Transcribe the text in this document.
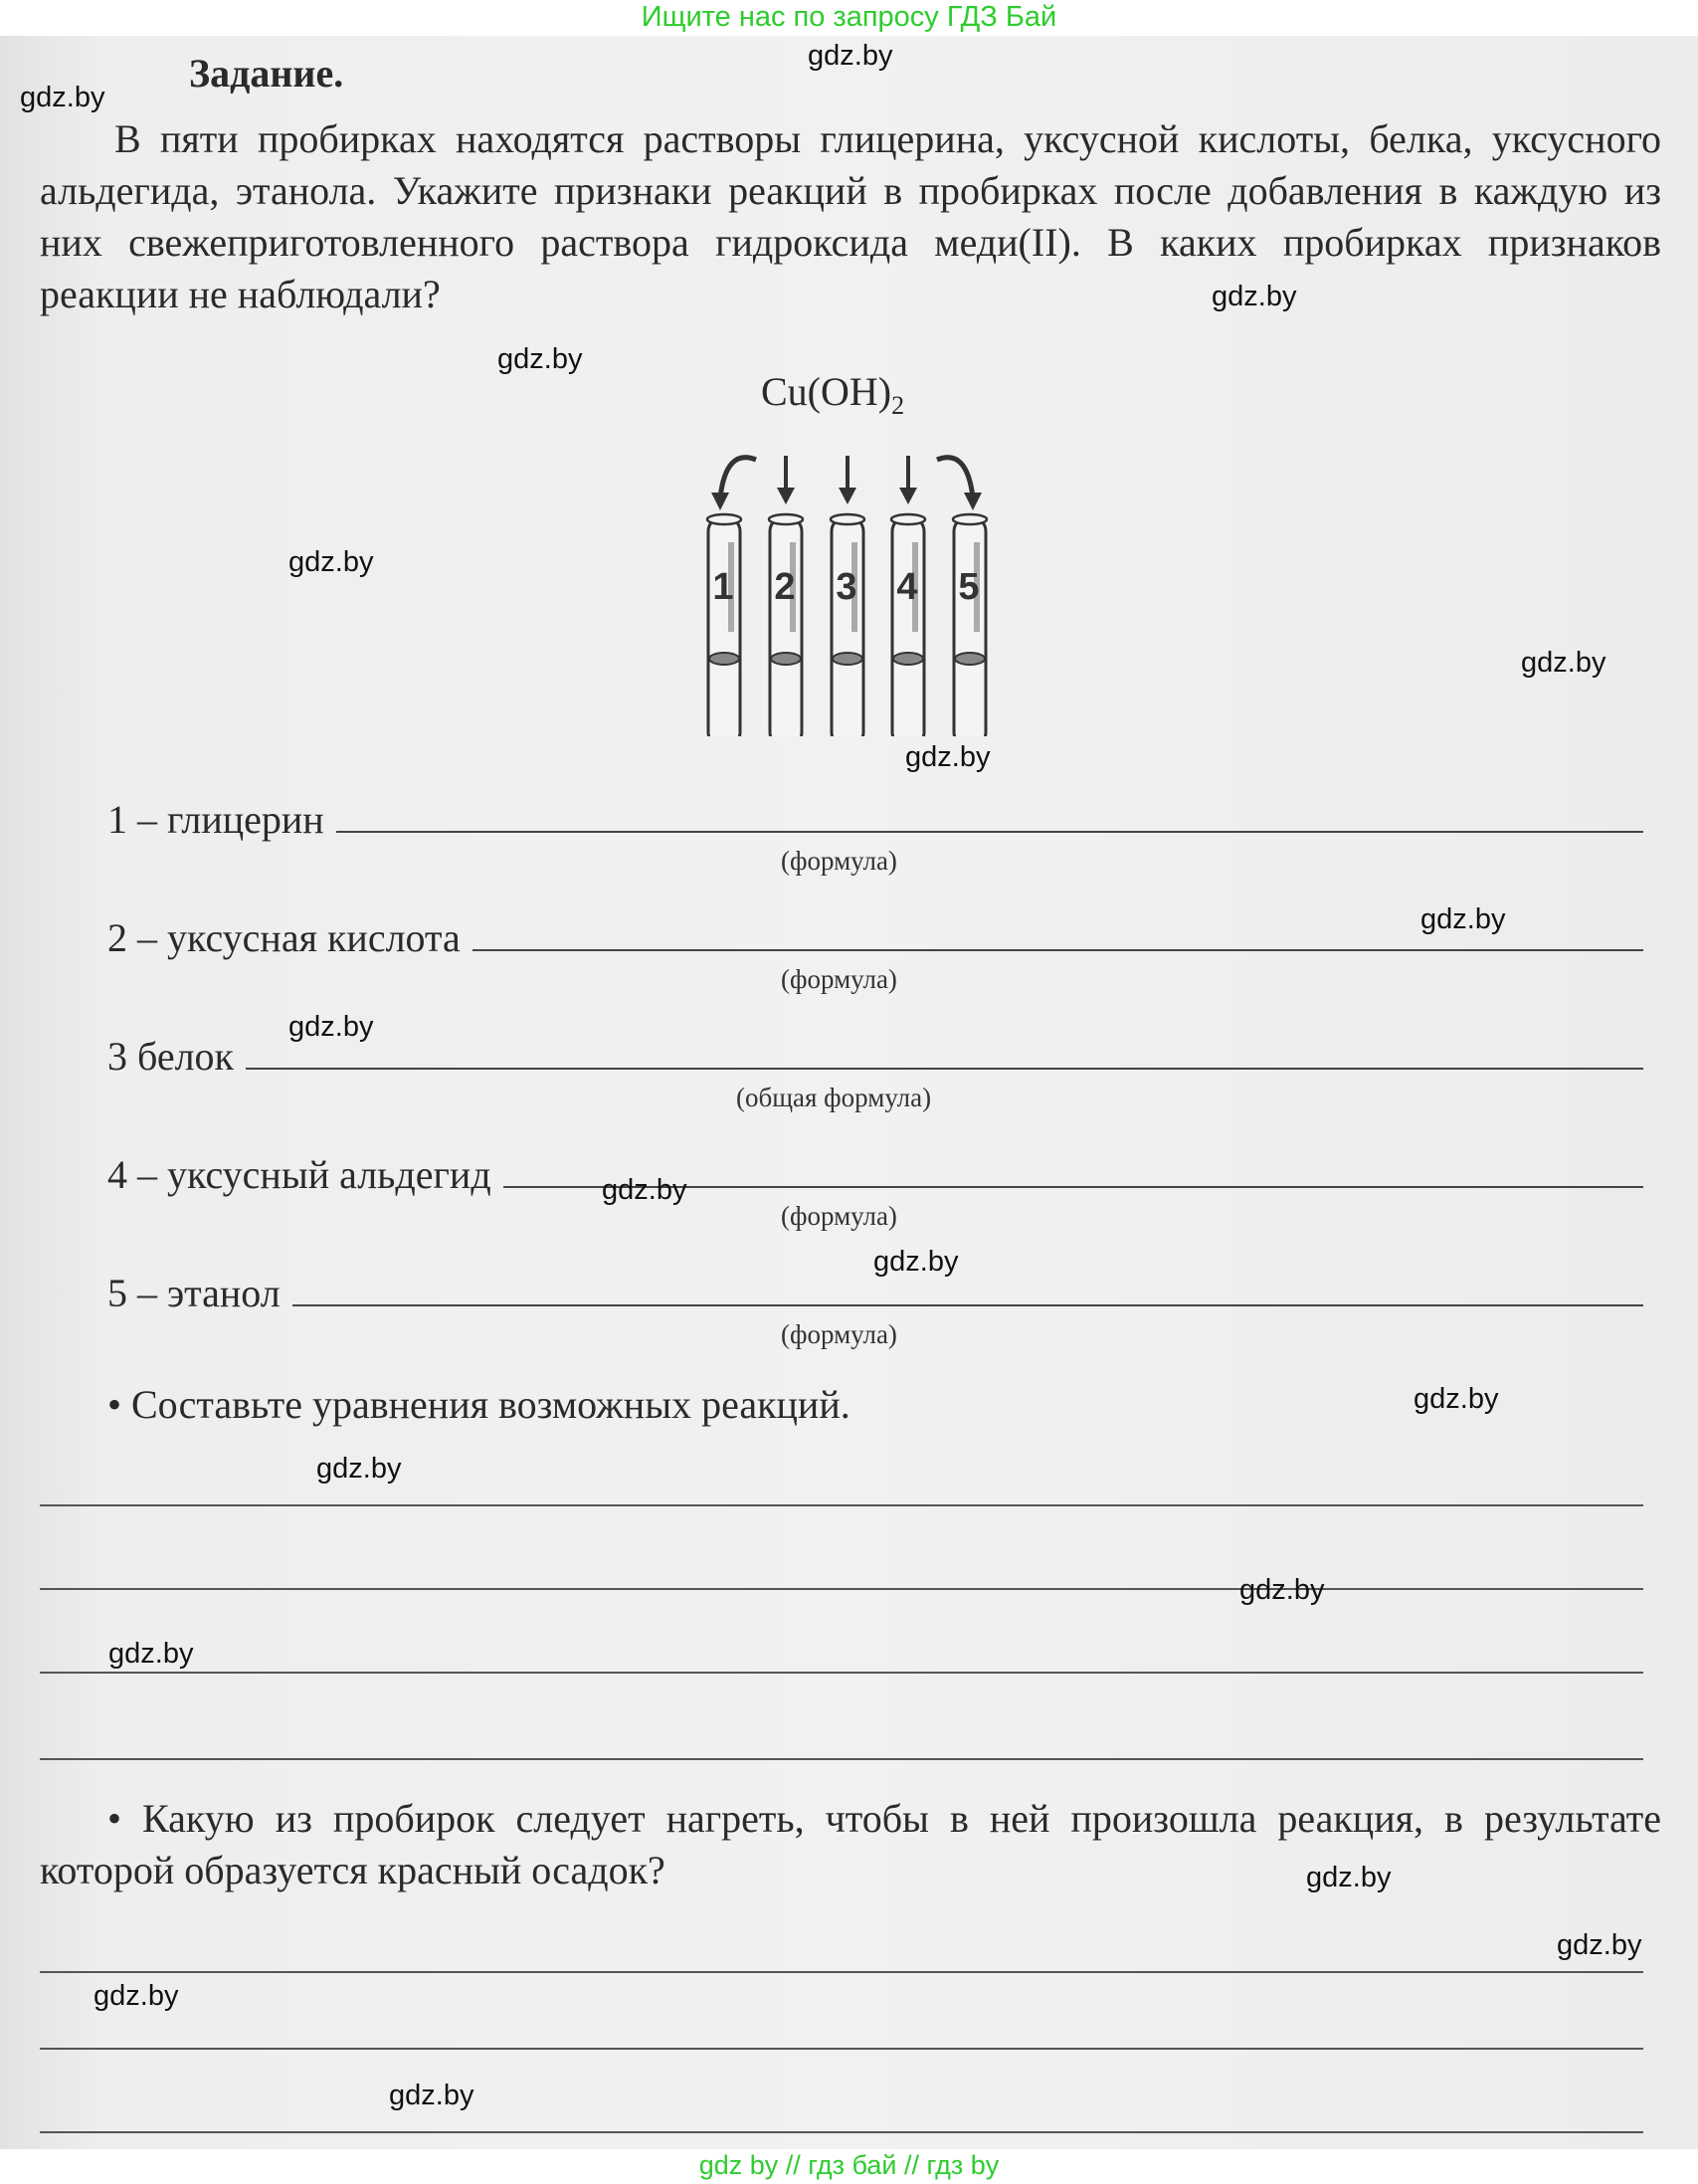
Ищите нас по запросу ГДЗ Бай
Задание.
В пяти пробирках находятся растворы глицерина, уксусной кислоты, белка, уксусного альдегида, этанола. Укажите признаки реакций в пробирках после добавления в каждую из них свежеприготовленного раствора гидроксида меди(II). В каких пробирках признаков реакции не наблюдали?
$Cu(OH)_2$
1 2 3 4 5
1 – глицерин
(формула)
2 – уксусная кислота
(формула)
3 белок
(общая формула)
4 – уксусный альдегид
(формула)
5 – этанол
(формула)
• Составьте уравнения возможных реакций.
• Какую из пробирок следует нагреть, чтобы в ней произошла реакция, в результате которой образуется красный осадок?
gdz by // гдз бай // гдз by
gdz.by
gdz.by
gdz.by
gdz.by
gdz.by
gdz.by
gdz.by
gdz.by
gdz.by
gdz.by
gdz.by
gdz.by
gdz.by
gdz.by
gdz.by
gdz.by
gdz.by
gdz.by
gdz.by
